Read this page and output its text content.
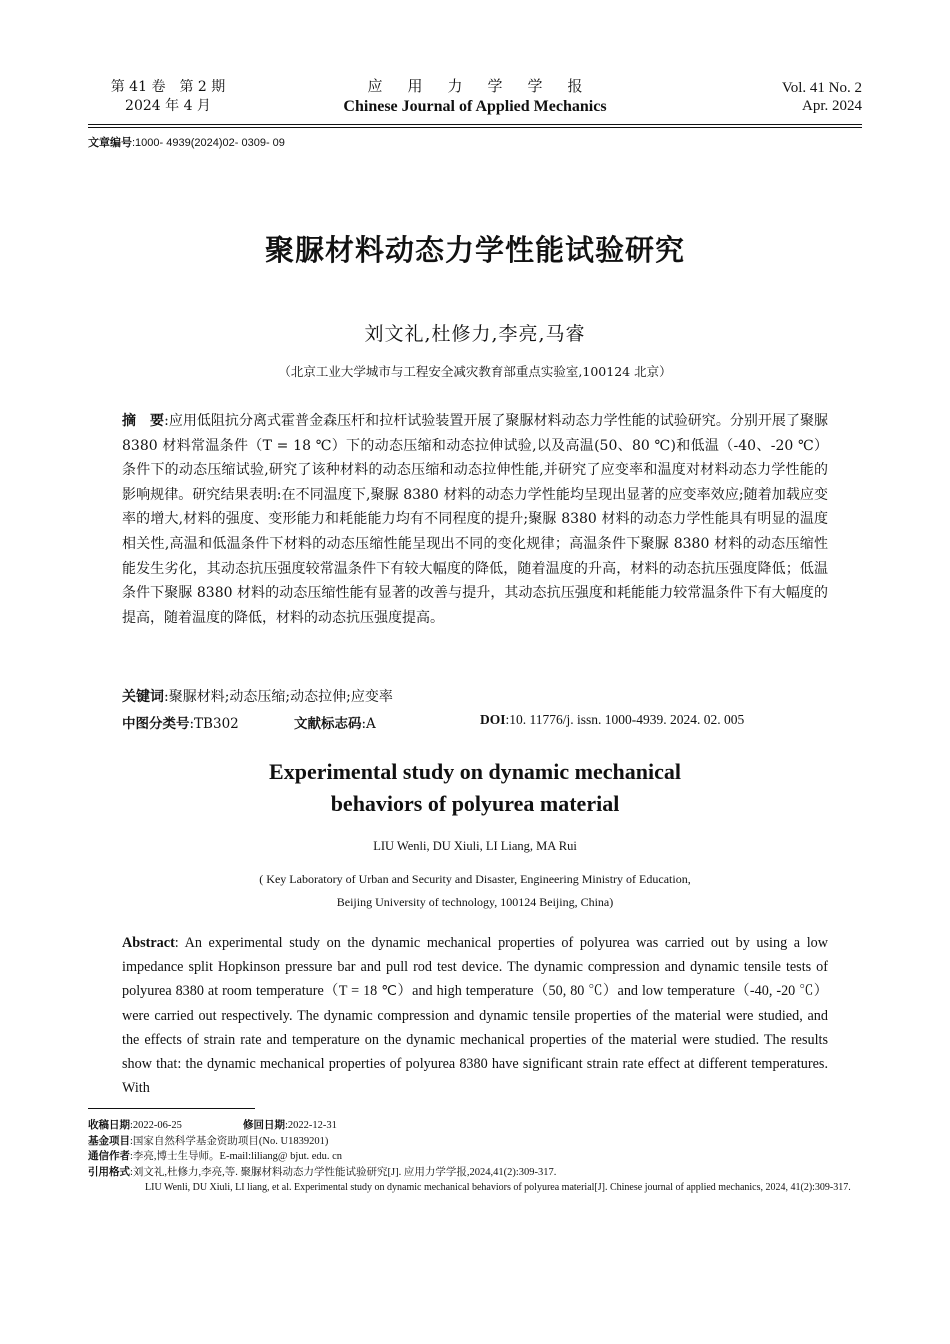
第 41 卷　第 2 期
2024 年 4 月
应用力学学报
Chinese Journal of Applied Mechanics
Vol. 41 No. 2
Apr. 2024
文章编号:1000- 4939(2024)02- 0309- 09
聚脲材料动态力学性能试验研究
刘文礼,杜修力,李亮,马睿
（北京工业大学城市与工程安全减灾教育部重点实验室,100124 北京）
摘　要:应用低阻抗分离式霍普金森压杆和拉杆试验装置开展了聚脲材料动态力学性能的试验研究。分别开展了聚脲 8380 材料常温条件（T = 18 ℃）下的动态压缩和动态拉伸试验,以及高温(50、80 ℃)和低温（-40、-20 ℃）条件下的动态压缩试验,研究了该种材料的动态压缩和动态拉伸性能,并研究了应变率和温度对材料动态力学性能的影响规律。研究结果表明:在不同温度下,聚脲 8380 材料的动态力学性能均呈现出显著的应变率效应;随着加载应变率的增大,材料的强度、变形能力和耗能能力均有不同程度的提升;聚脲 8380 材料的动态力学性能具有明显的温度相关性,高温和低温条件下材料的动态压缩性能呈现出不同的变化规律；高温条件下聚脲 8380 材料的动态压缩性能发生劣化，其动态抗压强度较常温条件下有较大幅度的降低，随着温度的升高，材料的动态抗压强度降低；低温条件下聚脲 8380 材料的动态压缩性能有显著的改善与提升，其动态抗压强度和耗能能力较常温条件下有大幅度的提高，随着温度的降低，材料的动态抗压强度提高。
关键词:聚脲材料;动态压缩;动态拉伸;应变率
中图分类号:TB302	文献标志码:A	DOI:10. 11776/j. issn. 1000-4939. 2024. 02. 005
Experimental study on dynamic mechanical
behaviors of polyurea material
LIU Wenli, DU Xiuli, LI Liang, MA Rui
( Key Laboratory of Urban and Security and Disaster, Engineering Ministry of Education,
Beijing University of technology, 100124 Beijing, China)
Abstract: An experimental study on the dynamic mechanical properties of polyurea was carried out by using a low impedance split Hopkinson pressure bar and pull rod test device. The dynamic compression and dynamic tensile tests of polyurea 8380 at room temperature（T = 18 ℃）and high temperature（50, 80 ℃）and low temperature（-40, -20 ℃）were carried out respectively. The dynamic compression and dynamic tensile properties of the material were studied, and the effects of strain rate and temperature on the dynamic mechanical properties of the material were studied. The results show that: the dynamic mechanical properties of polyurea 8380 have significant strain rate effect at different temperatures. With
收稿日期:2022-06-25	修回日期:2022-12-31
基金项目:国家自然科学基金资助项目(No. U1839201)
通信作者:李亮,博士生导师。E-mail:liliang@ bjut. edu. cn
引用格式:刘文礼,杜修力,李亮,等. 聚脲材料动态力学性能试验研究[J]. 应用力学学报,2024,41(2):309-317.
LIU Wenli, DU Xiuli, LI liang, et al. Experimental study on dynamic mechanical behaviors of polyurea material[J]. Chinese journal of applied mechanics, 2024, 41(2):309-317.
